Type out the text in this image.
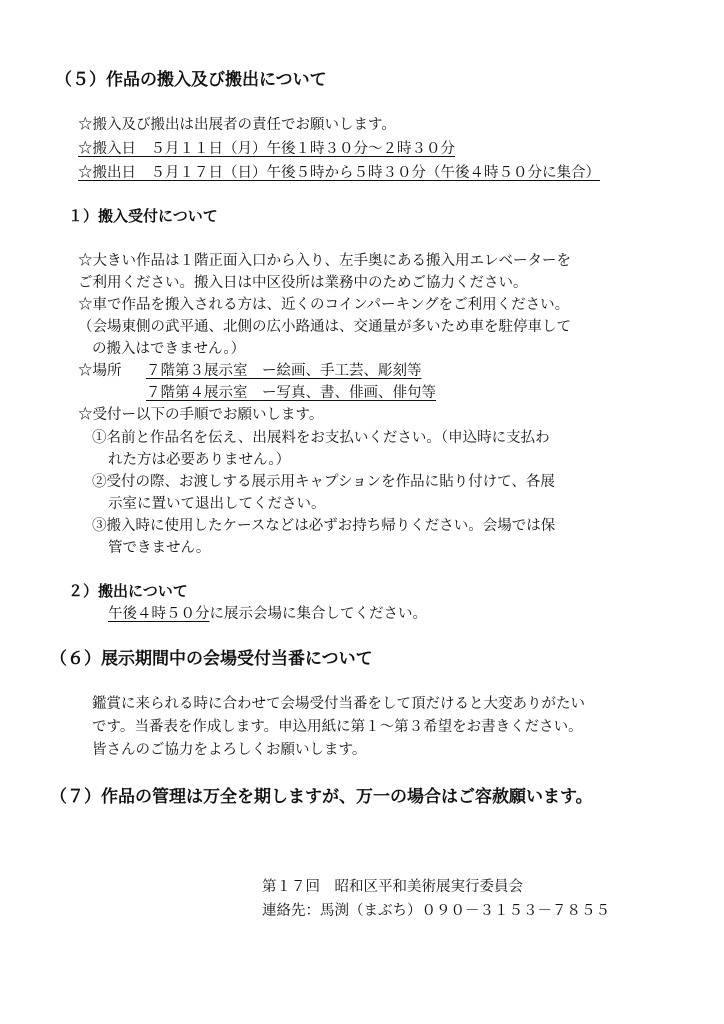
（５）作品の搬入及び搬出について
☆搬入及び搬出は出展者の責任でお願いします。
☆搬入日　５月１１日（月）午後１時３０分～２時３０分
☆搬出日　５月１７日（日）午後５時から５時３０分（午後４時５０分に集合）
１）搬入受付について
☆大きい作品は１階正面入口から入り、左手奥にある搬入用エレベーターを
ご利用ください。搬入日は中区役所は業務中のためご協力ください。
☆車で作品を搬入される方は、近くのコインパーキングをご利用ください。
（会場東側の武平通、北側の広小路通は、交通量が多いため車を駐停車して
の搬入はできません。）
☆場所 ７階第３展示室　ー絵画、手工芸、彫刻等
７階第４展示室　ー写真、書、俳画、俳句等
☆受付ー以下の手順でお願いします。
①名前と作品名を伝え、出展料をお支払いください。（申込時に支払わ
れた方は必要ありません。）
②受付の際、お渡しする展示用キャプションを作品に貼り付けて、各展
示室に置いて退出してください。
③搬入時に使用したケースなどは必ずお持ち帰りください。会場では保
管できません。
２）搬出について
午後４時５０分に展示会場に集合してください。
（６）展示期間中の会場受付当番について
鑑賞に来られる時に合わせて会場受付当番をして頂だけると大変ありがたい
です。当番表を作成します。申込用紙に第１～第３希望をお書きください。
皆さんのご協力をよろしくお願いします。
（７）作品の管理は万全を期しますが、万一の場合はご容赦願います。
第１７回　昭和区平和美術展実行委員会
連絡先：馬渕（まぶち）０９０－３１５３－７８５５
